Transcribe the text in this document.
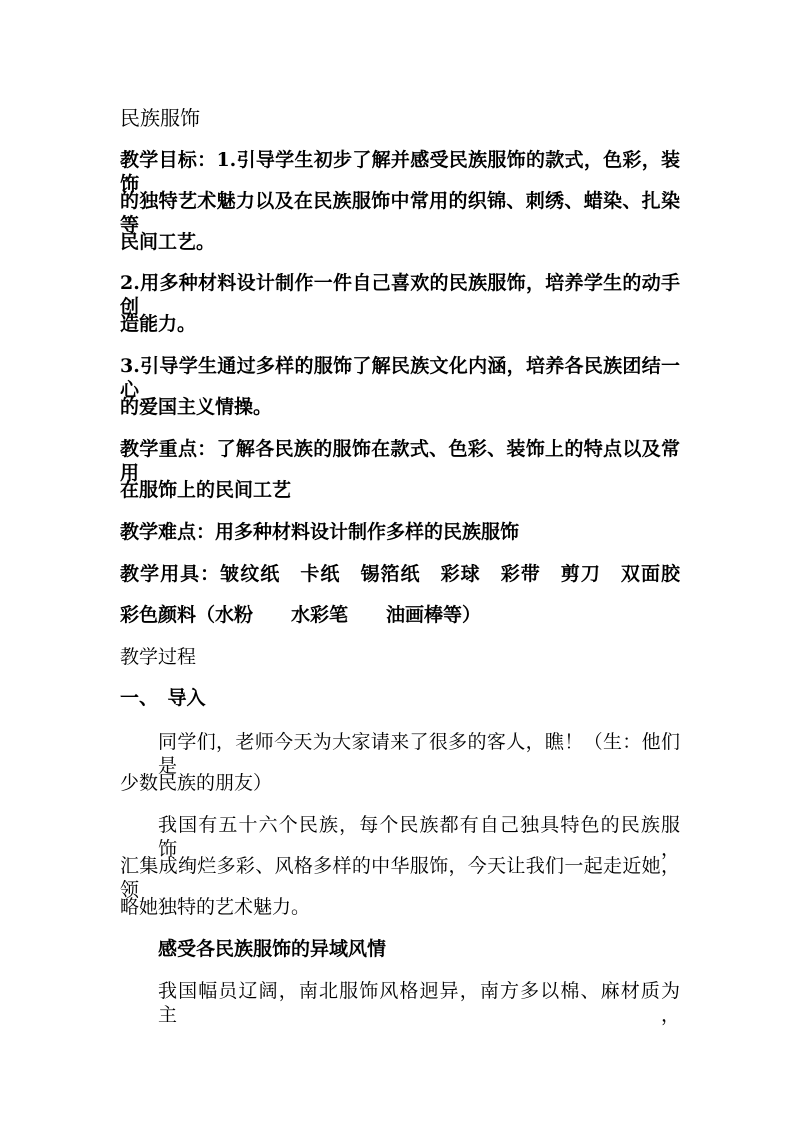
民族服饰
教学目标：1.引导学生初步了解并感受民族服饰的款式，色彩，装饰
的独特艺术魅力以及在民族服饰中常用的织锦、刺绣、蜡染、扎染等
民间工艺。
2.用多种材料设计制作一件自己喜欢的民族服饰，培养学生的动手创
造能力。
3.引导学生通过多样的服饰了解民族文化内涵，培养各民族团结一心
的爱国主义情操。
教学重点：了解各民族的服饰在款式、色彩、装饰上的特点以及常用
在服饰上的民间工艺
教学难点：用多种材料设计制作多样的民族服饰
教学用具：皱纹纸　卡纸　锡箔纸　彩球　彩带　剪刀　双面胶
彩色颜料（水粉　　水彩笔　　油画棒等）
教学过程
一、　导入
同学们，老师今天为大家请来了很多的客人，瞧！（生：他们是
少数民族的朋友）
我国有五十六个民族，每个民族都有自己独具特色的民族服饰，
汇集成绚烂多彩、风格多样的中华服饰，今天让我们一起走近她，领
略她独特的艺术魅力。
感受各民族服饰的异域风情
我国幅员辽阔，南北服饰风格迥异，南方多以棉、麻材质为主，
